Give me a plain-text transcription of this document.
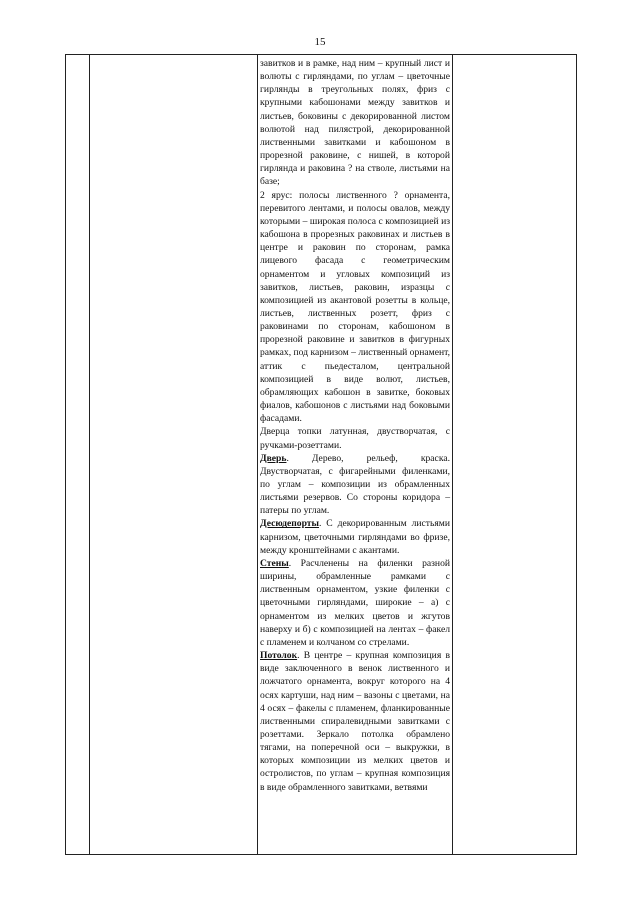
15

завитков и в рамке, над ним – крупный лист и волюты с гирляндами, по углам – цветочные гирлянды в треугольных полях, фриз с крупными кабошонами между завитков и листьев, боковины с декорированной листом волютой над пилястрой, декорированной лиственными завитками и кабошоном в прорезной раковине, с нишей, в которой гирлянда и раковина ? на стволе, листьями на базе;

2 ярус: полосы лиственного ? орнамента, перевитого лентами, и полосы овалов, между которыми – широкая полоса с композицией из кабошона в прорезных раковинах и листьев в центре и раковин по сторонам, рамка лицевого фасада с геометрическим орнаментом и угловых композиций из завитков, листьев, раковин, изразцы с композицией из акантовой розетты в кольце, листьев, лиственных розетт, фриз с раковинами по сторонам, кабошоном в прорезной раковине и завитков в фигурных рамках, под карнизом – лиственный орнамент, аттик с пьедесталом, центральной композицией в виде волют, листьев, обрамляющих кабошон в завитке, боковых фиалов, кабошонов с листьями над боковыми фасадами.

Дверца топки латунная, двустворчатая, с ручками-розеттами.

Дверь. Дерево, рельеф, краска. Двустворчатая, с фигарейными филенками, по углам – композиции из обрамленных листьями резервов. Со стороны коридора – патеры по углам.

Десюдепорты. С декорированным листьями карнизом, цветочными гирляндами во фризе, между кронштейнами с акантами.

Стены. Расчленены на филенки разной ширины, обрамленные рамками с лиственным орнаментом, узкие филенки с цветочными гирляндами, широкие – а) с орнаментом из мелких цветов и жгутов наверху и б) с композицией на лентах – факел с пламенем и колчаном со стрелами.

Потолок. В центре – крупная композиция в виде заключенного в венок лиственного и ложчатого орнамента, вокруг которого на 4 осях картуши, над ним – вазоны с цветами, на 4 осях – факелы с пламенем, фланкированные лиственными спиралевидными завитками с розеттами. Зеркало потолка обрамлено тягами, на поперечной оси – выкружки, в которых композиции из мелких цветов и остролистов, по углам – крупная композиция в виде обрамленного завитками, ветвями
